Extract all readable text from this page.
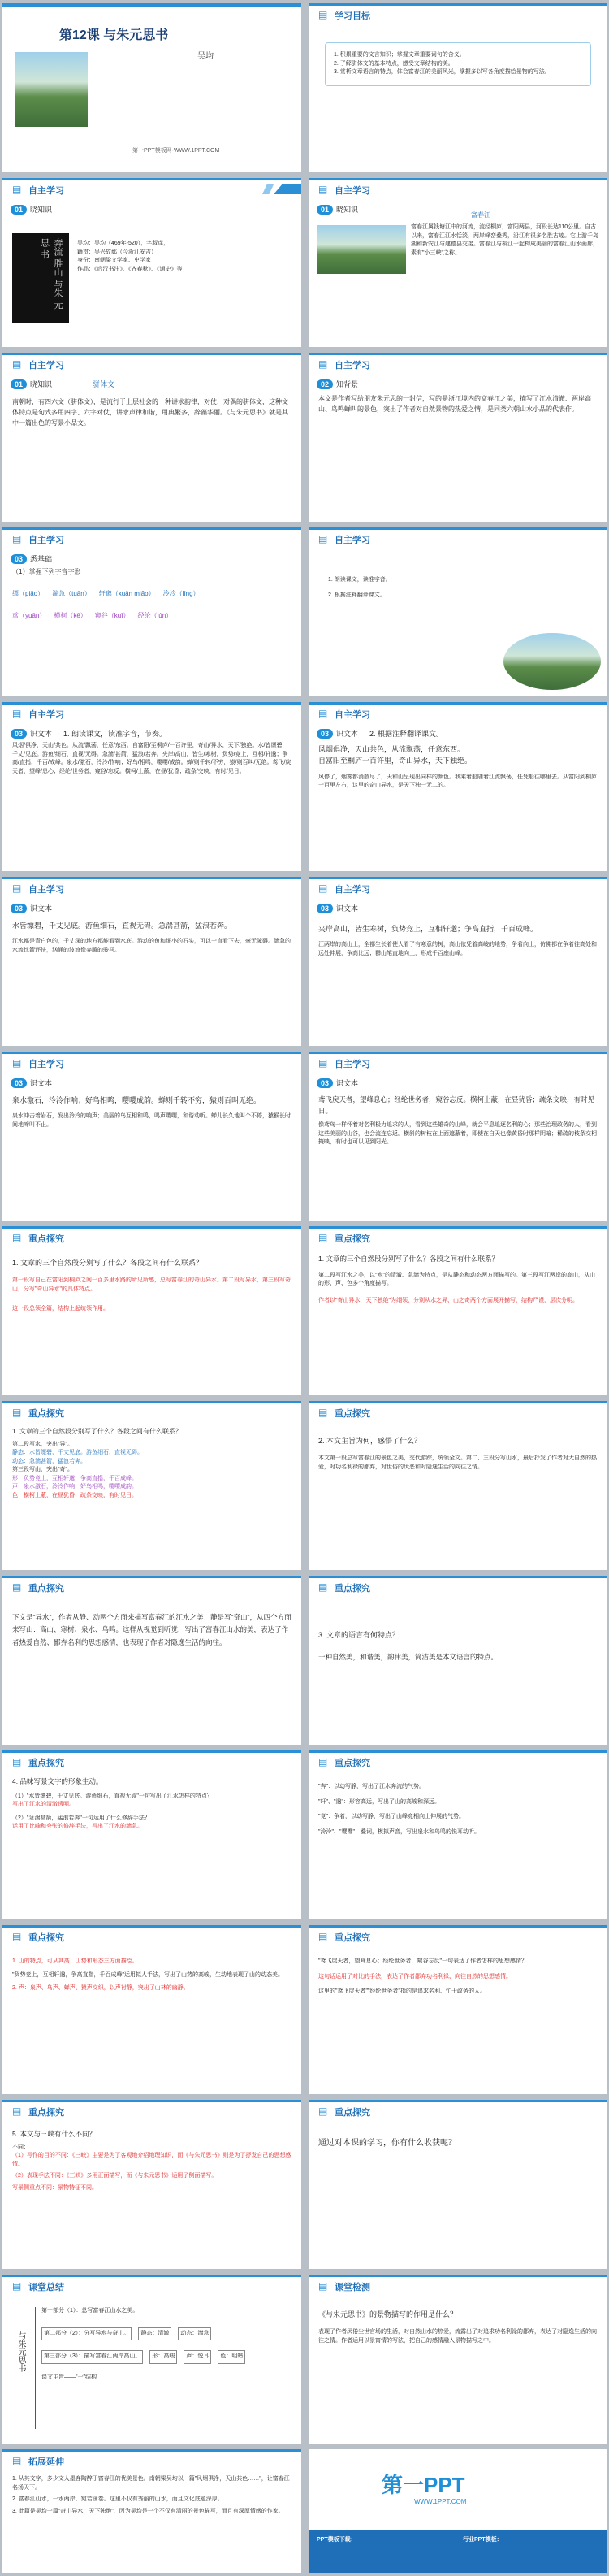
第12课 与朱元思书
吴均
第一PPT模板网-WWW.1PPT.COM
▤ 学习目标
1. 积累重要的文言知识；掌握文章重要词句的含义。
2. 了解骈体文的基本特点，感受文章结构的美。
3. 赏析文章语言的特点，体会富春江的美丽风光，掌握多以写各角度描绘景物的写法。
▤ 自主学习
01	晓知识
奔流 胜山 与朱 元思 书	吴均：吴均（469年-520），字叔庠，
籍贯：吴兴故鄣（今浙江安吉）
身份：南朝梁文学家、史学家
作品：《后汉书注》、《齐春秋》、《通史》等
▤ 自主学习
01	晓知识
富春江
富春江属钱塘江中的河流，流经桐庐，富阳两县，河段长达110公里。自古以来，富春江江水恬淡，两岸峰峦叠秀，沿江有很多名胜古迹。它上游千岛湖和新安江与建德县交接。富春江与桐江一起构成美丽的富春江山水画廊，素有"小三峡"之称。
▤ 自主学习
01	晓知识	骈体文
南朝时，有四六文（骈体文），是流行于上层社会的一种讲求韵律，对仗，对偶的骈体文，这种文体特点是句式多用四字、六字对仗，讲求声律和谐，用典繁多，辞藻华丽。《与朱元思书》就是其中一篇出色的写景小品文。
▤ 自主学习
02	知背景
本文是作者写给朋友朱元思的一封信，写的是浙江境内的富春江之美，描写了江水清澈、两岸高山、鸟鸣蝉叫的景色，突出了作者对自然景物的热爱之情，是同类六朝山水小品的代表作。
▤ 自主学习
03	悉基础
（1）掌握下列字音字形
缥（piǎo） 湍急（tuān） 轩邈（xuān miǎo） 泠泠（líng）
鸢（yuān） 横柯（kē） 窥谷（kuī） 经纶（lún）
▤ 自主学习
1. 朗读课文，读准字音。
2. 根据注释翻译课文。
▤ 自主学习
03	识文本 1. 朗读课文，读准字音，节奏。
风烟/俱净，天山/共色。从流/飘荡，任意/东西。自富阳/至桐庐/一百许里，奇山/异水，天下/独绝。水/皆缥碧，千丈/见底。游鱼/细石，直视/无碍。急湍/甚箭，猛浪/若奔。夹岸/高山，皆生/寒树，负势/竞上，互相/轩邈；争高/直指，千百/成峰。泉水/激石，泠泠/作响；好鸟/相鸣，嘤嘤/成韵。蝉/则千转/不穷，猿/则百叫/无绝。鸢飞/戾天者，望峰/息心；经纶/世务者，窥谷/忘反。横柯/上蔽，在昼/犹昏；疏条/交映，有时/见日。
▤ 自主学习
03	识文本 2. 根据注释翻译课文。
风烟俱净，天山共色，从流飘荡，任意东西。
自富阳至桐庐一百许里，奇山异水，天下独绝。
风停了，烟雾都消散尽了，天和山呈现出同样的颜色。我乘着船随着江流飘荡，任凭船往哪里去。从富阳到桐庐一百里左右，这里的奇山异水，是天下独一无二的。
▤ 自主学习
03	识文本
水皆缥碧，千丈见底。游鱼细石，直视无碍。急湍甚箭，猛浪若奔。
江水都是青白色的，千丈深的地方都能看到水底。游动的鱼和细小的石头，可以一直看下去，毫无障碍。湍急的水流比箭还快，汹涌的波浪像奔腾的骏马。
▤ 自主学习
03	识文本
夹岸高山，皆生寒树，负势竞上，互相轩邈；争高直指，千百成峰。
江两岸的高山上，全都生长着使人看了有寒意的树，高山依凭着高峻的地势，争着向上，仿佛都在争着往高处和远处伸展，争高比远；群山笔直地向上，形成千百座山峰。
▤ 自主学习
03	识文本
泉水激石，泠泠作响；好鸟相鸣，嘤嘤成韵。蝉则千转不穷，猿则百叫无绝。
泉水冲击着岩石，发出泠泠的响声；美丽的鸟互相和鸣，鸣声嘤嘤，和谐动听。蝉儿长久地叫个不停，猿猴长时间地啼叫不止。
▤ 自主学习
03	识文本
鸢飞戾天者，望峰息心；经纶世务者，窥谷忘反。横柯上蔽，在昼犹昏；疏条交映，有时见日。
像鸢鸟一样怀着对名利极力追求的人，看到这些雄奇的山峰，就会平息追逐名利的心；那些治理政务的人，看到这些美丽的山谷，也会流连忘返。横斜的树枝在上面遮蔽着，即使在白天也像黄昏时那样阴暗；稀疏的枝条交相掩映，有时也可以见到阳光。
▤ 重点探究
1. 文章的三个自然段分别写了什么？各段之间有什么联系？
第一段写自己在富阳到桐庐之间一百多里水路的所见所感，总写富春江的奇山异水。第二段写异水，第三段写奇山，分写"奇山异水"的具体特点。
这一段总领全篇，结构上起统领作用。
▤ 重点探究
1. 文章的三个自然段分别写了什么？各段之间有什么联系？
第二段写江水之美，以"水"的清澈、急湍为特点，是从静态和动态两方面描写的。第三段写江两岸的高山，从山的形、声、色多个角度描写。
作者以"奇山异水，天下独绝"为纲领，分别从水之异、山之奇两个方面展开描写，结构严谨，层次分明。
▤ 重点探究
1. 文章的三个自然段分别写了什么？各段之间有什么联系？
第二段写水，突出"异"。
静态：水皆缥碧，千丈见底。游鱼细石，直视无碍。
动态：急湍甚箭，猛浪若奔。
第三段写山，突出"奇"。
形：负势竞上，互相轩邈；争高直指，千百成峰。
声：泉水激石，泠泠作响；好鸟相鸣，嘤嘤成韵。
色：横柯上蔽，在昼犹昏；疏条交映，有时见日。
▤ 重点探究
2. 本文主旨为何，感悟了什么？
本文第一段总写富春江的景色之美，交代游踪，统领全文。第二、三段分写山水，最后抒发了作者对大自然的热爱，对功名利禄的鄙弃，对世俗的厌恶和对隐逸生活的向往之情。
▤ 重点探究
下文是"异水"，作者从静、动两个方面来描写富春江的江水之美：静是写"奇山"，从四个方面来写山：高山、寒树、泉水、鸟鸣。这样从视觉到听觉，写出了富春江山水的美，表达了作者热爱自然、鄙弃名利的思想感情，也表现了作者对隐逸生活的向往。
▤ 重点探究
3. 文章的语言有何特点？
一种自然美，和谐美，韵律美，简洁美是本文语言的特点。
▤ 重点探究
4. 品味写景文字的形象生动。
（1）"水皆缥碧，千丈见底。游鱼细石，直视无碍"一句写出了江水怎样的特点？
写出了江水的清澈透明。
（2）"急湍甚箭，猛浪若奔"一句运用了什么修辞手法？
运用了比喻和夸张的修辞手法，写出了江水的湍急。
▤ 重点探究
"奔"：以动写静，写出了江水奔流的气势。
"轩"、"邈"：形容高远，写出了山的高峻和深远。
"竞"：争着，以动写静，写出了山峰竞相向上伸展的气势。
"泠泠"、"嘤嘤"：叠词，模拟声音，写出泉水和鸟鸣的悦耳动听。
▤ 重点探究
1. 山的特点，可从其高、山势和形态三方面描绘。
"负势竞上，互相轩邈，争高直指，千百成峰"运用拟人手法，写出了山势的高峻，生动地表现了山的动态美。
2. 声：泉声、鸟声、蝉声、猿声交织，以声衬静，突出了山林的幽静。
▤ 重点探究
"鸢飞戾天者，望峰息心；经纶世务者，窥谷忘反"一句表达了作者怎样的思想感情？
这句话运用了对比的手法，表达了作者鄙弃功名利禄、向往自然的思想感情。
这里的"鸢飞戾天者""经纶世务者"指的是追求名利、忙于政务的人。
▤ 重点探究
5. 本文与三峡有什么不同？
不同：
（1）写作的目的不同：《三峡》主要是为了客观地介绍地理知识，而《与朱元思书》则是为了抒发自己的思想感情。
（2）表现手法不同：《三峡》多用正面描写，而《与朱元思书》运用了侧面描写。
写景侧重点不同：景物特征不同。
▤ 重点探究
通过对本课的学习，你有什么收获呢？
▤ 课堂总结
与朱元思书
第一部分（1）：总写富春江山水之美。
第二部分（2）：分写异水与奇山。	静态：清澈	动态：湍急
第三部分（3）：描写富春江两岸高山。	形：高峻	声：悦耳	色：明暗
课文主旨——"一"结构
▤ 课堂检测
《与朱元思书》的景物描写的作用是什么？
表现了作者厌倦尘世官场的生活，对自然山水的热爱，流露出了对追求功名利禄的鄙弃，表达了对隐逸生活的向往之情。作者运用以景寓情的写法，把自己的感情融入景物描写之中。
▤ 拓展延伸
1. 从其文字，多少文人墨客陶醉于富春江的优美景色。南朝梁吴均以一篇"风烟俱净，天山共色……"，让富春江名扬天下。
2. 富春江山水，一水两岸，宛若画卷。这里不仅有秀丽的山水，而且文化底蕴深厚。
3. 此篇是吴均一篇"奇山异水，天下独绝"，因为吴均是一个不仅有清丽的景色描写，而且有深厚情感的作家。
第一PPT
WWW.1PPT.COM
PPT模板下载：	行业PPT模板：
